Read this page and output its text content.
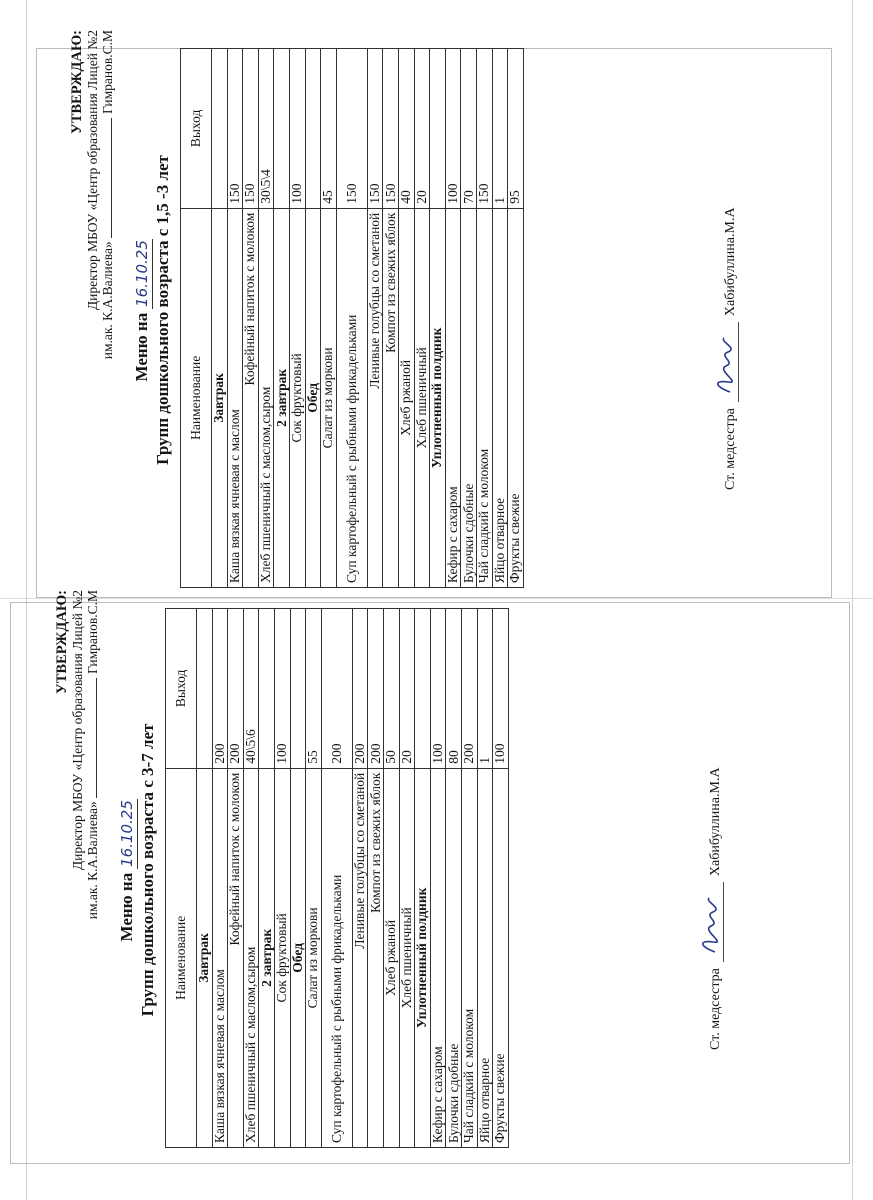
УТВЕРЖДАЮ: Директор МБОУ «Центр образования Лицей №2 им.ак. К.А.Валиева» Гимранов.С.М
Меню на 16.10.25 Групп дошкольного возраста с 1,5 -3 лет Наименование	Выход
Завтрак	
Каша вязкая ячневая с маслом	150
Кофейный напиток с молоком	150
Хлеб пшеничный с маслом,сыром	30\5\4
2 завтрак	
Сок фруктовый	100
Обед	
Салат из моркови	45
Суп картофельный с рыбными фрикадельками	150
Ленивые голубцы со сметаной	150
Компот из свежих яблок	150
Хлеб ржаной	40
Хлеб пшеничный	20
Уплотненный полдник	
Кефир с сахаром	100
Булочки сдобные	70
Чай сладкий с молоком	150
Яйцо отварное	1
Фрукты свежие	95
Ст. медсестра
Хабибуллина.М.А
УТВЕРЖДАЮ: Директор МБОУ «Центр образования Лицей №2 им.ак. К.А.Валиева» Гимранов.С.М
Меню на 16.10.25 Групп дошкольного возраста с 3-7 лет Наименование	Выход
Завтрак	
Каша вязкая ячневая с маслом	200
Кофейный напиток с молоком	200
Хлеб пшеничный с маслом,сыром	40\5\6
2 завтрак	
Сок фруктовый	100
Обед	
Салат из моркови	55
Суп картофельный с рыбными фрикадельками	200
Ленивые голубцы со сметаной	200
Компот из свежих яблок	200
Хлеб ржаной	50
Хлеб пшеничный	20
Уплотненный полдник	
Кефир с сахаром	100
Булочки сдобные	80
Чай сладкий с молоком	200
Яйцо отварное	1
Фрукты свежие	100
Ст. медсестра
Хабибуллина.М.А
